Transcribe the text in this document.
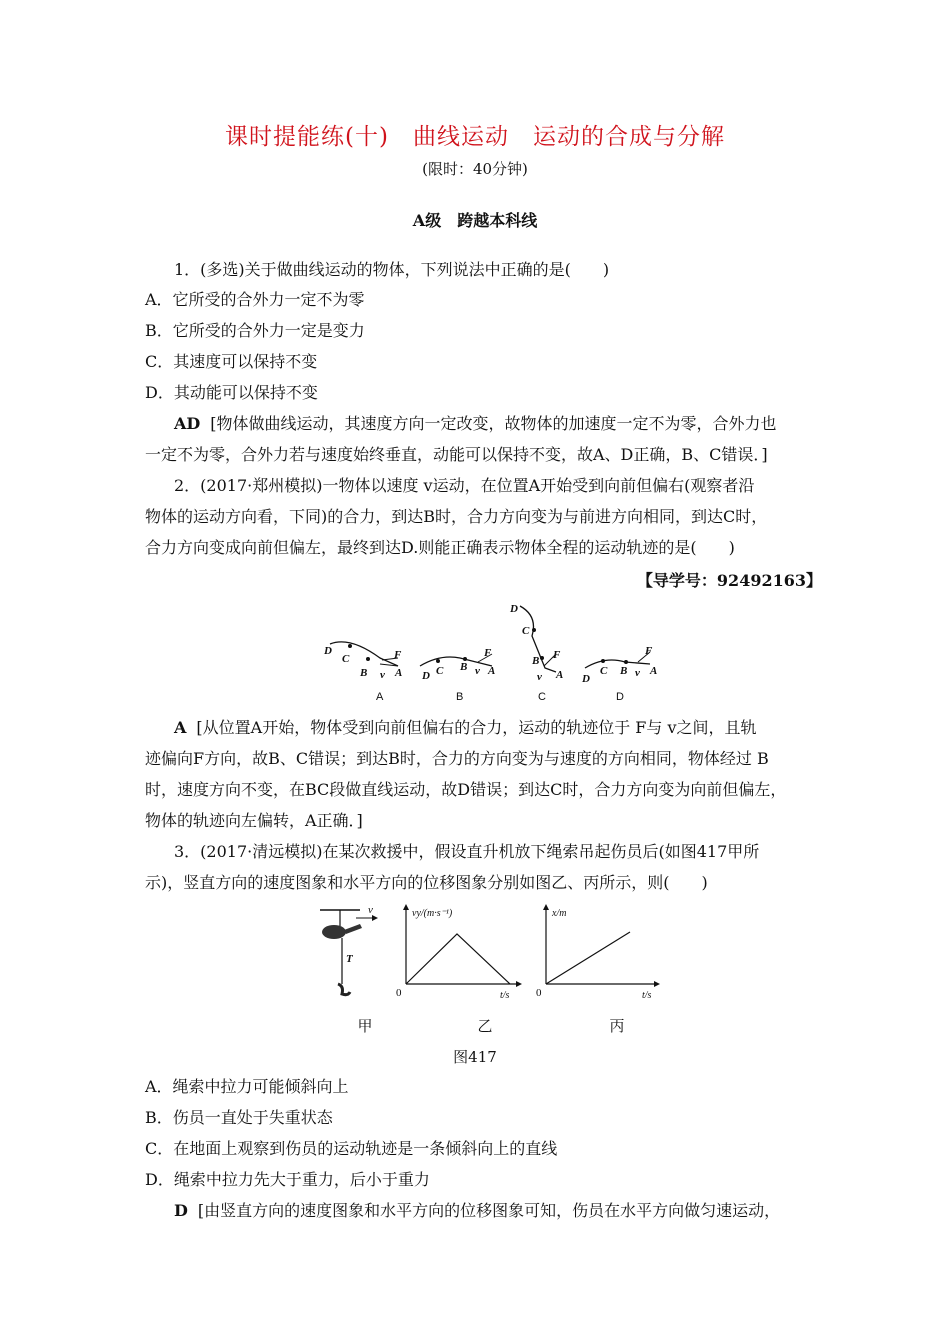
课时提能练(十)　曲线运动　运动的合成与分解
(限时：40分钟)
A级　跨越本科线
1．(多选)关于做曲线运动的物体，下列说法中正确的是(　　)
A．它所受的合外力一定不为零
B．它所受的合外力一定是变力
C．其速度可以保持不变
D．其动能可以保持不变
AD [物体做曲线运动，其速度方向一定改变，故物体的加速度一定不为零，合外力也
一定不为零，合外力若与速度始终垂直，动能可以保持不变，故A、D正确，B、C错误．]
2．(2017·郑州模拟)一物体以速度 v运动，在位置A开始受到向前但偏右(观察者沿
物体的运动方向看，下同)的合力，到达B时，合力方向变为与前进方向相同，到达C时，
合力方向变成向前但偏左，最终到达D.则能正确表示物体全程的运动轨迹的是(　　)
【导学号：92492163】
D
C
B v A
F
D C B v A
F
D
C
B
v A
F
D
C B v A
F
A	B	C	D
A [从位置A开始，物体受到向前但偏右的合力，运动的轨迹位于 F与 v之间，且轨
迹偏向F方向，故B、C错误；到达B时，合力的方向变为与速度的方向相同，物体经过 B
时，速度方向不变，在BC段做直线运动，故D错误；到达C时，合力方向变为向前但偏左，
物体的轨迹向左偏转，A正确．]
3．(2017·清远模拟)在某次救援中，假设直升机放下绳索吊起伤员后(如图417甲所
示)，竖直方向的速度图象和水平方向的位移图象分别如图乙、丙所示，则(　　)
v
T
vy/(m·s⁻¹)
t/s
0
x/m
t/s
0
甲	乙	丙
图417
A．绳索中拉力可能倾斜向上
B．伤员一直处于失重状态
C．在地面上观察到伤员的运动轨迹是一条倾斜向上的直线
D．绳索中拉力先大于重力，后小于重力
D [由竖直方向的速度图象和水平方向的位移图象可知，伤员在水平方向做匀速运动，
